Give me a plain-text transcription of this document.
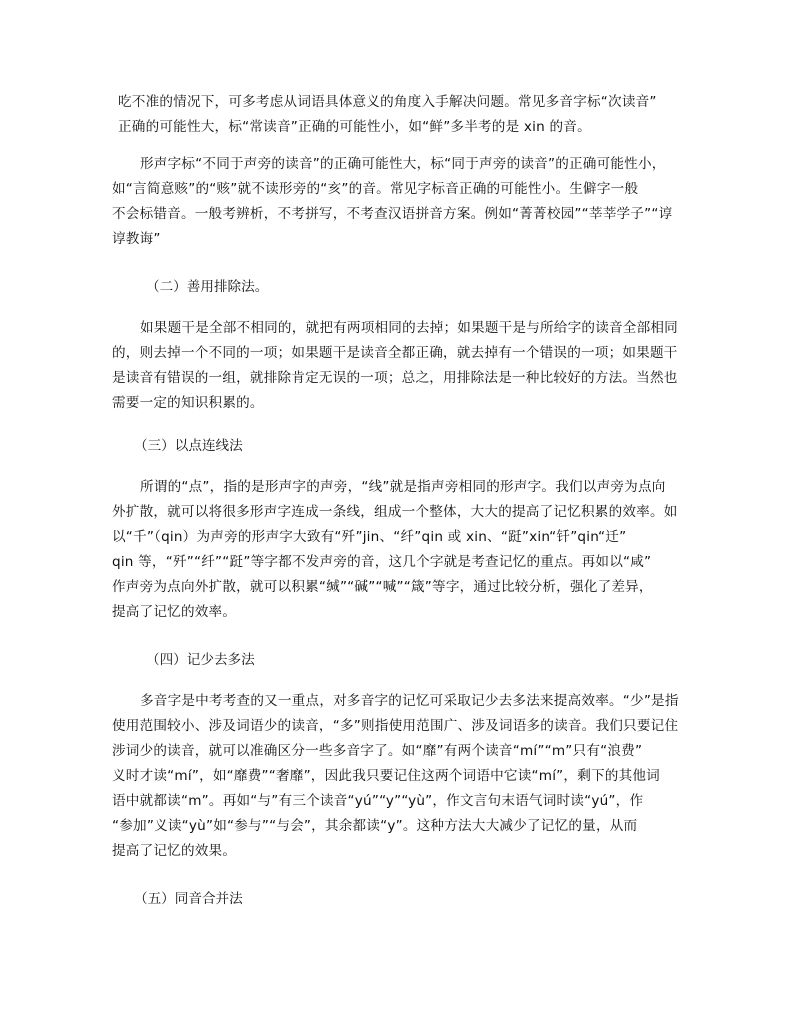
吃不准的情况下，可多考虑从词语具体意义的角度入手解决问题。常见多音字标“次读音”
正确的可能性大，标“常读音”正确的可能性小，如“鲜”多半考的是 xin 的音。
形声字标“不同于声旁的读音”的正确可能性大，标“同于声旁的读音”的正确可能性小，
如“言简意赅”的“赅”就不读形旁的“亥”的音。常见字标音正确的可能性小。生僻字一般
不会标错音。一般考辨析，不考拼写，不考查汉语拼音方案。例如“菁菁校园”“莘莘学子”“谆
谆教诲”
（二）善用排除法。
如果题干是全部不相同的，就把有两项相同的去掉；如果题干是与所给字的读音全部相同
的，则去掉一个不同的一项；如果题干是读音全都正确，就去掉有一个错误的一项；如果题干
是读音有错误的一组，就排除肯定无误的一项；总之，用排除法是一种比较好的方法。当然也
需要一定的知识积累的。
（三）以点连线法
所谓的“点”，指的是形声字的声旁，“线”就是指声旁相同的形声字。我们以声旁为点向
外扩散，就可以将很多形声字连成一条线，组成一个整体，大大的提高了记忆积累的效率。如
以“千”（qin）为声旁的形声字大致有“歼”jin、“纤”qin 或 xin、“跹”xin“钎”qin“迁”
qin 等，“歼”“纤”“跹”等字都不发声旁的音，这几个字就是考查记忆的重点。再如以“咸”
作声旁为点向外扩散，就可以积累“缄”“碱”“喊”“箴”等字，通过比较分析，强化了差异，
提高了记忆的效率。
（四）记少去多法
多音字是中考考查的又一重点，对多音字的记忆可采取记少去多法来提高效率。“少”是指
使用范围较小、涉及词语少的读音，“多”则指使用范围广、涉及词语多的读音。我们只要记住
涉词少的读音，就可以准确区分一些多音字了。如“靡”有两个读音“mí”“m”只有“浪费”
义时才读“mí”，如“靡费”“奢靡”，因此我只要记住这两个词语中它读“mí”，剩下的其他词
语中就都读“m”。再如“与”有三个读音“yú”“y”“yù”，作文言句末语气词时读“yú”，作
“参加”义读“yù”如“参与”“与会”，其余都读“y”。这种方法大大减少了记忆的量，从而
提高了记忆的效果。
（五）同音合并法
